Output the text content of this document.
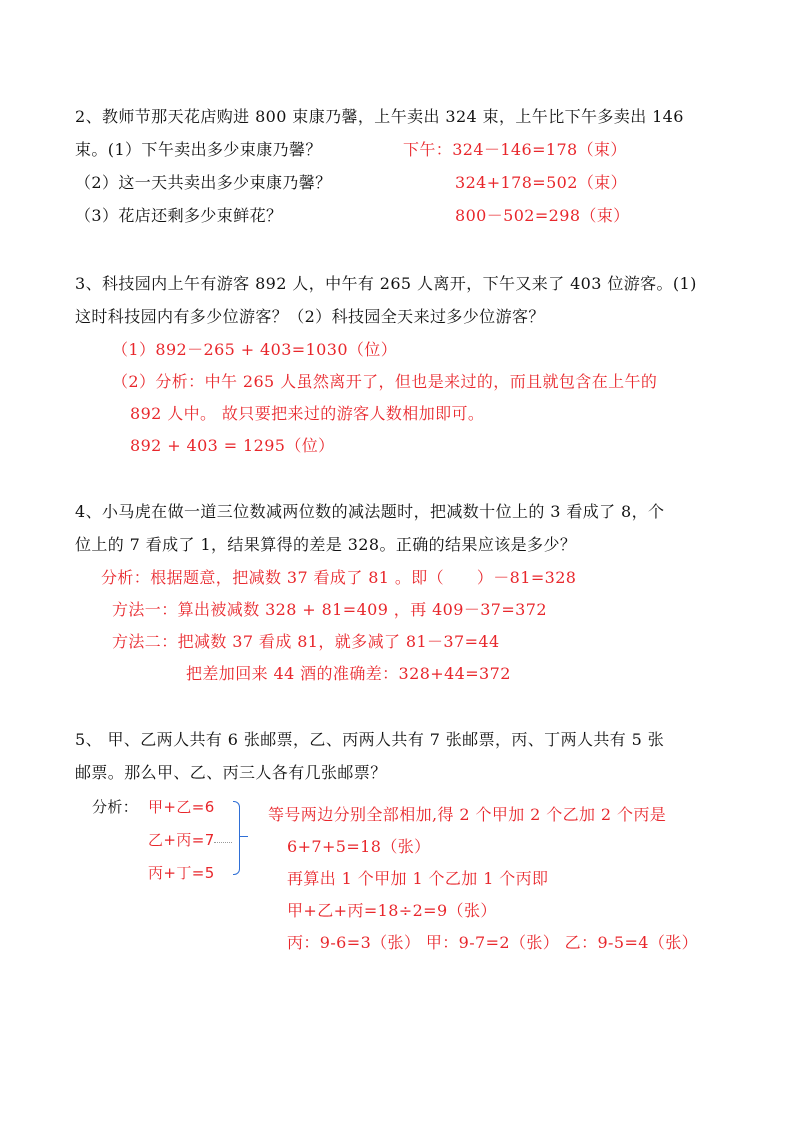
2、教师节那天花店购进 800 束康乃馨，上午卖出 324 束，上午比下午多卖出 146
束。(1）下午卖出多少束康乃馨？	下午：324－146=178（束）
（2）这一天共卖出多少束康乃馨？	324+178=502（束）
（3）花店还剩多少束鲜花？	800－502=298（束）
3、科技园内上午有游客 892 人，中午有 265 人离开，下午又来了 403 位游客。(1)
这时科技园内有多少位游客？（2）科技园全天来过多少位游客？
（1）892－265 + 403=1030（位）
（2）分析：中午 265 人虽然离开了，但也是来过的，而且就包含在上午的
892 人中。 故只要把来过的游客人数相加即可。
892 + 403 = 1295（位）
4、小马虎在做一道三位数减两位数的减法题时，把减数十位上的 3 看成了 8，个
位上的 7 看成了 1，结果算得的差是 328。正确的结果应该是多少？
分析：根据题意，把减数 37 看成了 81 。即（　　）－81=328
方法一：算出被减数 328 + 81=409 ，再 409－37=372
方法二：把减数 37 看成 81，就多减了 81－37=44
把差加回来 44 酒的准确差：328+44=372
5、 甲、乙两人共有 6 张邮票，乙、丙两人共有 7 张邮票，丙、丁两人共有 5 张
邮票。那么甲、乙、丙三人各有几张邮票？
分析： 甲+乙=6
乙+丙=7
丙+丁=5
等号两边分别全部相加,得 2 个甲加 2 个乙加 2 个丙是
6+7+5=18（张）
再算出 1 个甲加 1 个乙加 1 个丙即
甲+乙+丙=18÷2=9（张）
丙：9-6=3（张） 甲：9-7=2（张） 乙：9-5=4（张）
